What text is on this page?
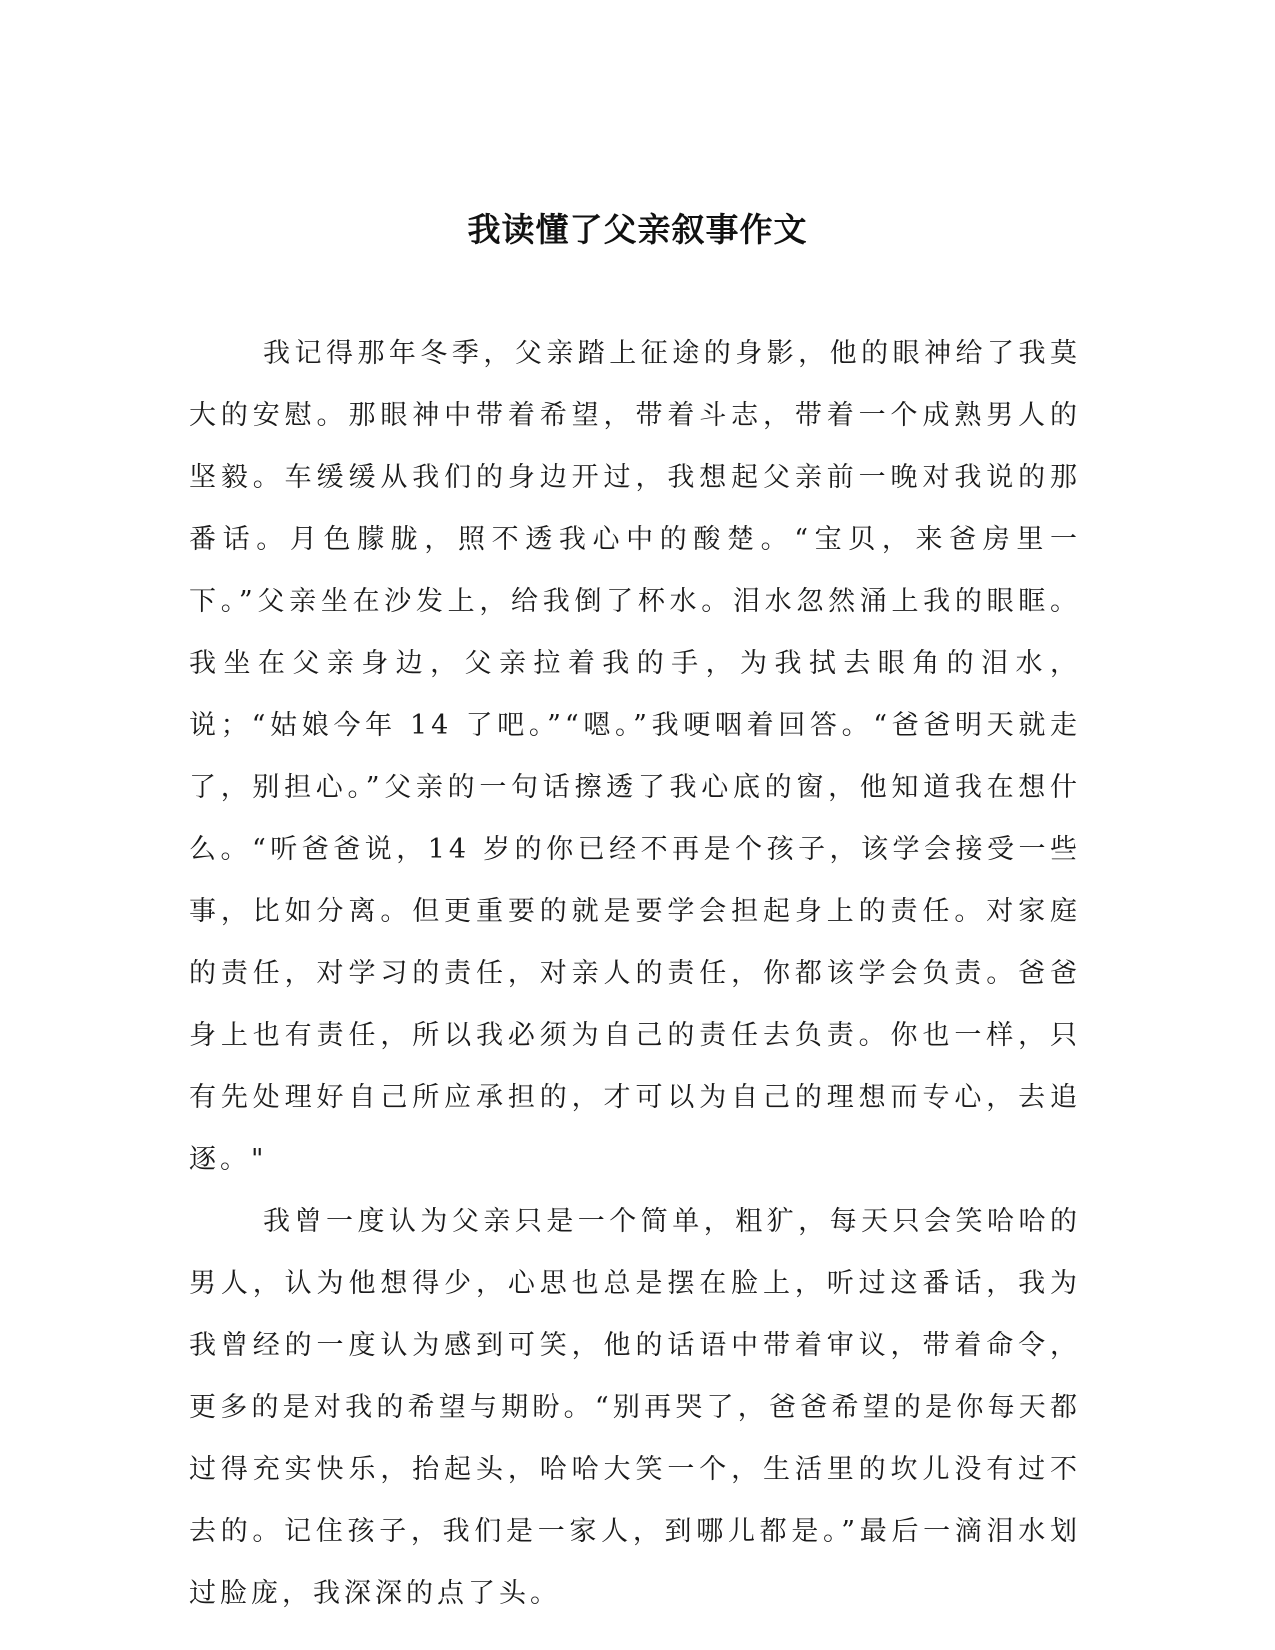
我读懂了父亲叙事作文

我记得那年冬季，父亲踏上征途的身影，他的眼神给了我莫大的安慰。那眼神中带着希望，带着斗志，带着一个成熟男人的坚毅。车缓缓从我们的身边开过，我想起父亲前一晚对我说的那番话。月色朦胧，照不透我心中的酸楚。“宝贝，来爸房里一下。”父亲坐在沙发上，给我倒了杯水。泪水忽然涌上我的眼眶。我坐在父亲身边，父亲拉着我的手，为我拭去眼角的泪水，说；“姑娘今年 14 了吧。”“嗯。”我哽咽着回答。“爸爸明天就走了，别担心。”父亲的一句话擦透了我心底的窗，他知道我在想什么。“听爸爸说，14 岁的你已经不再是个孩子，该学会接受一些事，比如分离。但更重要的就是要学会担起身上的责任。对家庭的责任，对学习的责任，对亲人的责任，你都该学会负责。爸爸身上也有责任，所以我必须为自己的责任去负责。你也一样，只有先处理好自己所应承担的，才可以为自己的理想而专心，去追逐。"

我曾一度认为父亲只是一个简单，粗犷，每天只会笑哈哈的男人，认为他想得少，心思也总是摆在脸上，听过这番话，我为我曾经的一度认为感到可笑，他的话语中带着审议，带着命令，更多的是对我的希望与期盼。“别再哭了，爸爸希望的是你每天都过得充实快乐，抬起头，哈哈大笑一个，生活里的坎儿没有过不去的。记住孩子，我们是一家人，到哪儿都是。”最后一滴泪水划过脸庞，我深深的点了头。
